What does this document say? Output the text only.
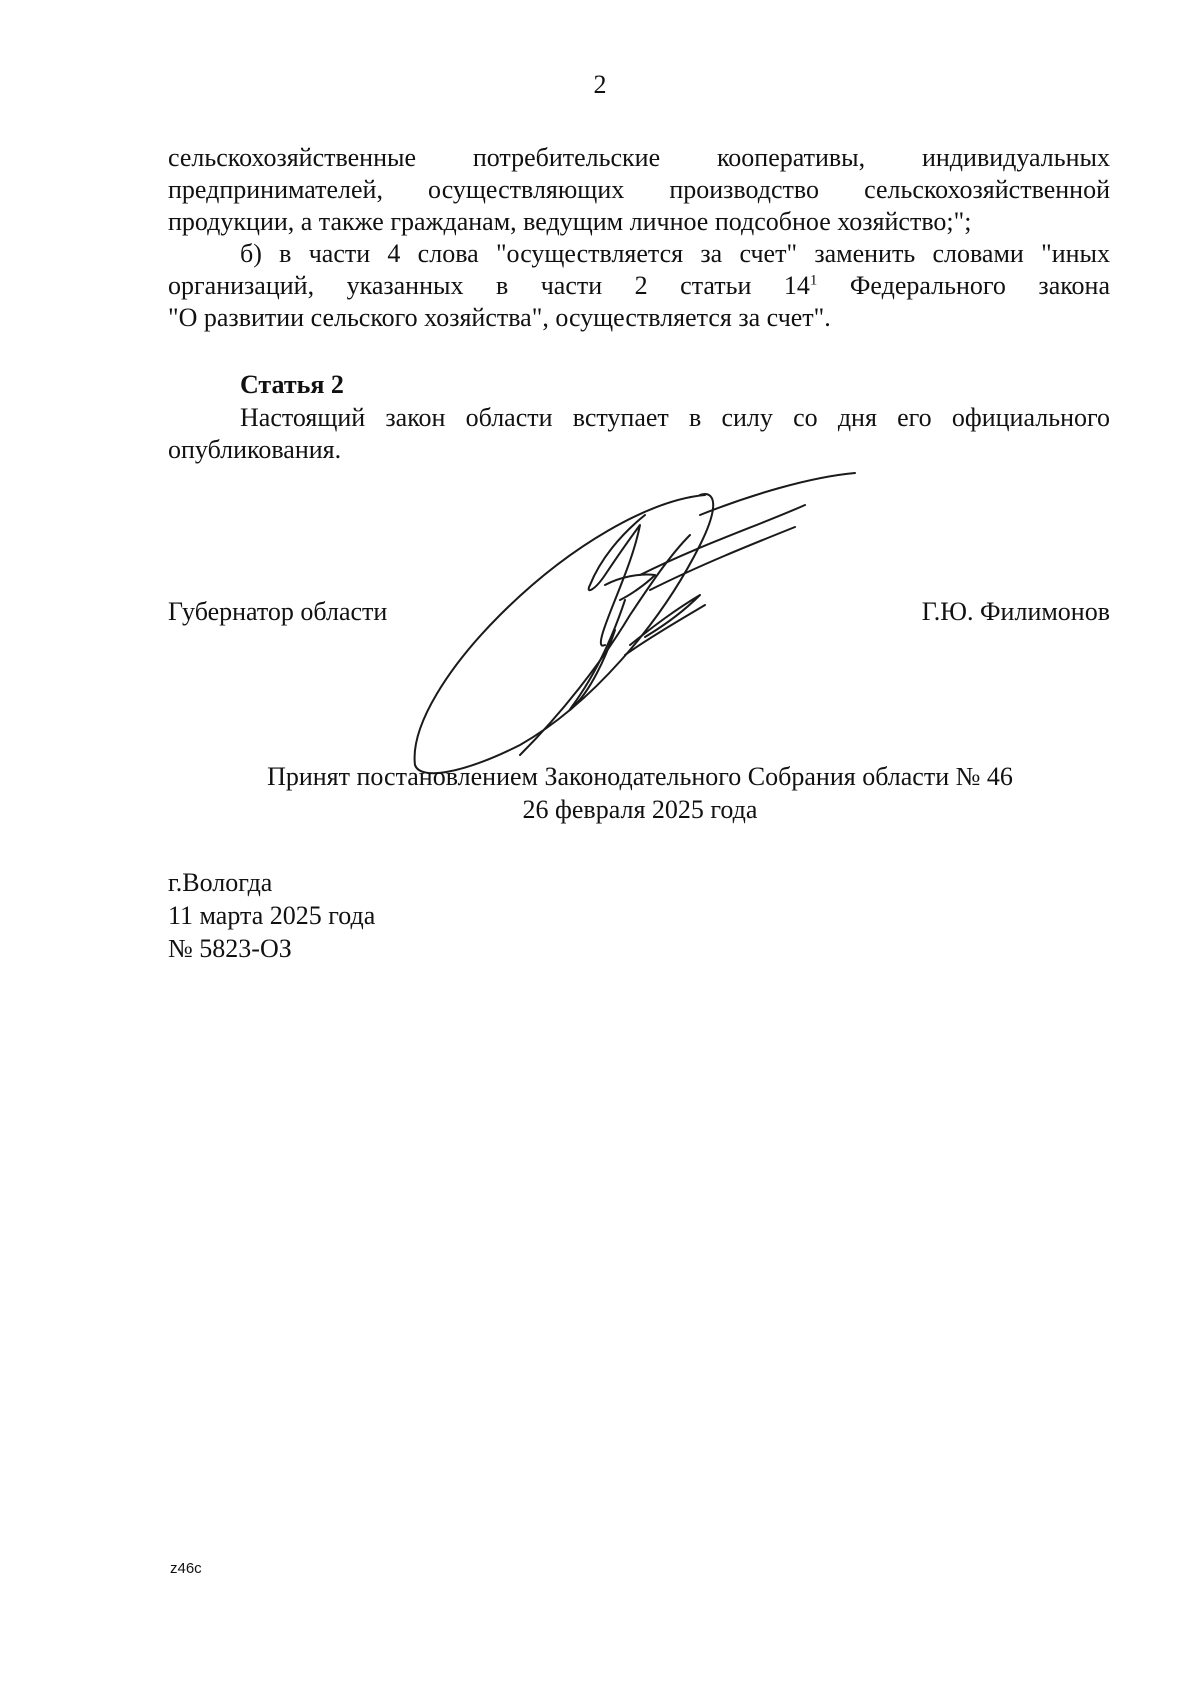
2
сельскохозяйственные потребительские кооперативы, индивидуальных
предпринимателей, осуществляющих производство сельскохозяйственной
продукции, а также гражданам, ведущим личное подсобное хозяйство;";
б) в части 4 слова "осуществляется за счет" заменить словами "иных
организаций, указанных в части 2 статьи $14^1$ Федерального закона
"О развитии сельского хозяйства", осуществляется за счет".
Статья 2
Настоящий закон области вступает в силу со дня его официального
опубликования.
Губернатор области	Г.Ю. Филимонов
Принят постановлением Законодательного Собрания области № 46
26 февраля 2025 года
г.Вологда
11 марта 2025 года
№ 5823-ОЗ
z46c
